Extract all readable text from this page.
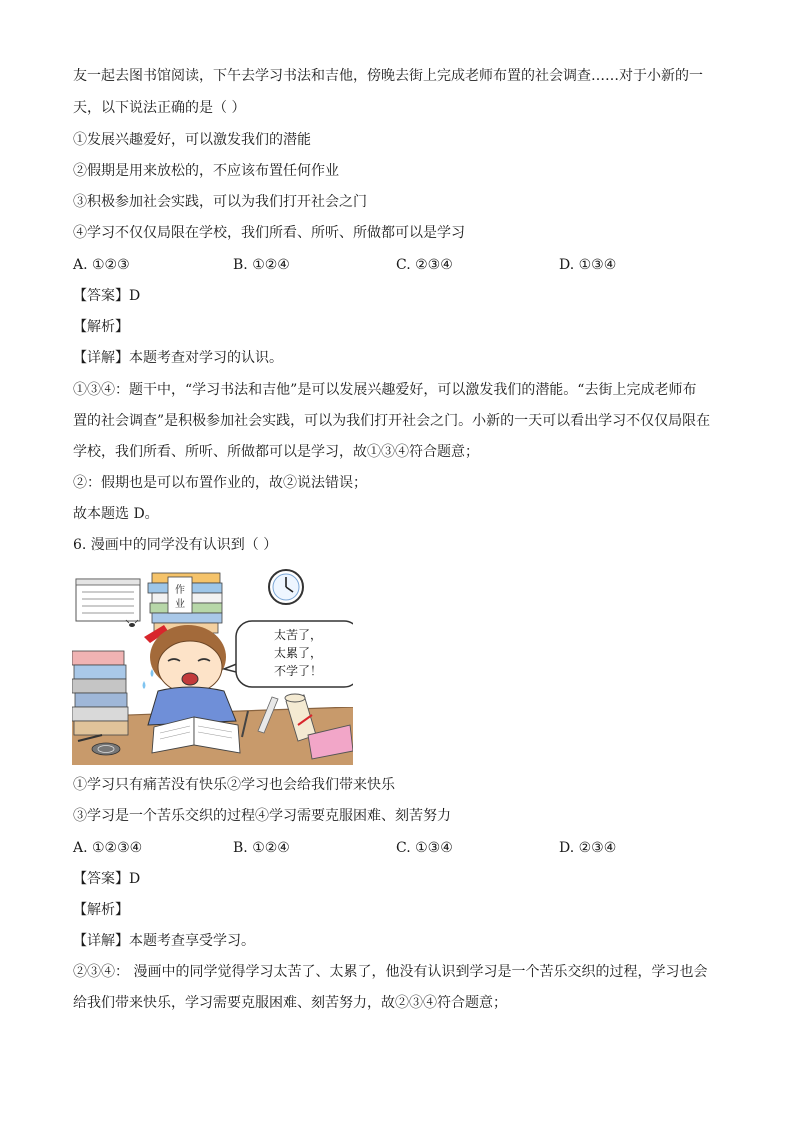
友一起去图书馆阅读，下午去学习书法和吉他，傍晚去街上完成老师布置的社会调查……对于小新的一
天，以下说法正确的是（ ）
①发展兴趣爱好，可以激发我们的潜能
②假期是用来放松的，不应该布置任何作业
③积极参加社会实践，可以为我们打开社会之门
④学习不仅仅局限在学校，我们所看、所听、所做都可以是学习
A. ①②③	B. ①②④	C. ②③④	D. ①③④
【答案】D
【解析】
【详解】本题考查对学习的认识。
①③④：题干中，“学习书法和吉他”是可以发展兴趣爱好，可以激发我们的潜能。“去街上完成老师布
置的社会调查”是积极参加社会实践，可以为我们打开社会之门。小新的一天可以看出学习不仅仅局限在
学校，我们所看、所听、所做都可以是学习，故①③④符合题意；
②：假期也是可以布置作业的，故②说法错误；
故本题选 D。
6. 漫画中的同学没有认识到（ ）
作
业
太苦了，
太累了，
不学了！
①学习只有痛苦没有快乐②学习也会给我们带来快乐
③学习是一个苦乐交织的过程④学习需要克服困难、刻苦努力
A. ①②③④	B. ①②④	C. ①③④	D. ②③④
【答案】D
【解析】
【详解】本题考查享受学习。
②③④： 漫画中的同学觉得学习太苦了、太累了，他没有认识到学习是一个苦乐交织的过程，学习也会
给我们带来快乐，学习需要克服困难、刻苦努力，故②③④符合题意；
